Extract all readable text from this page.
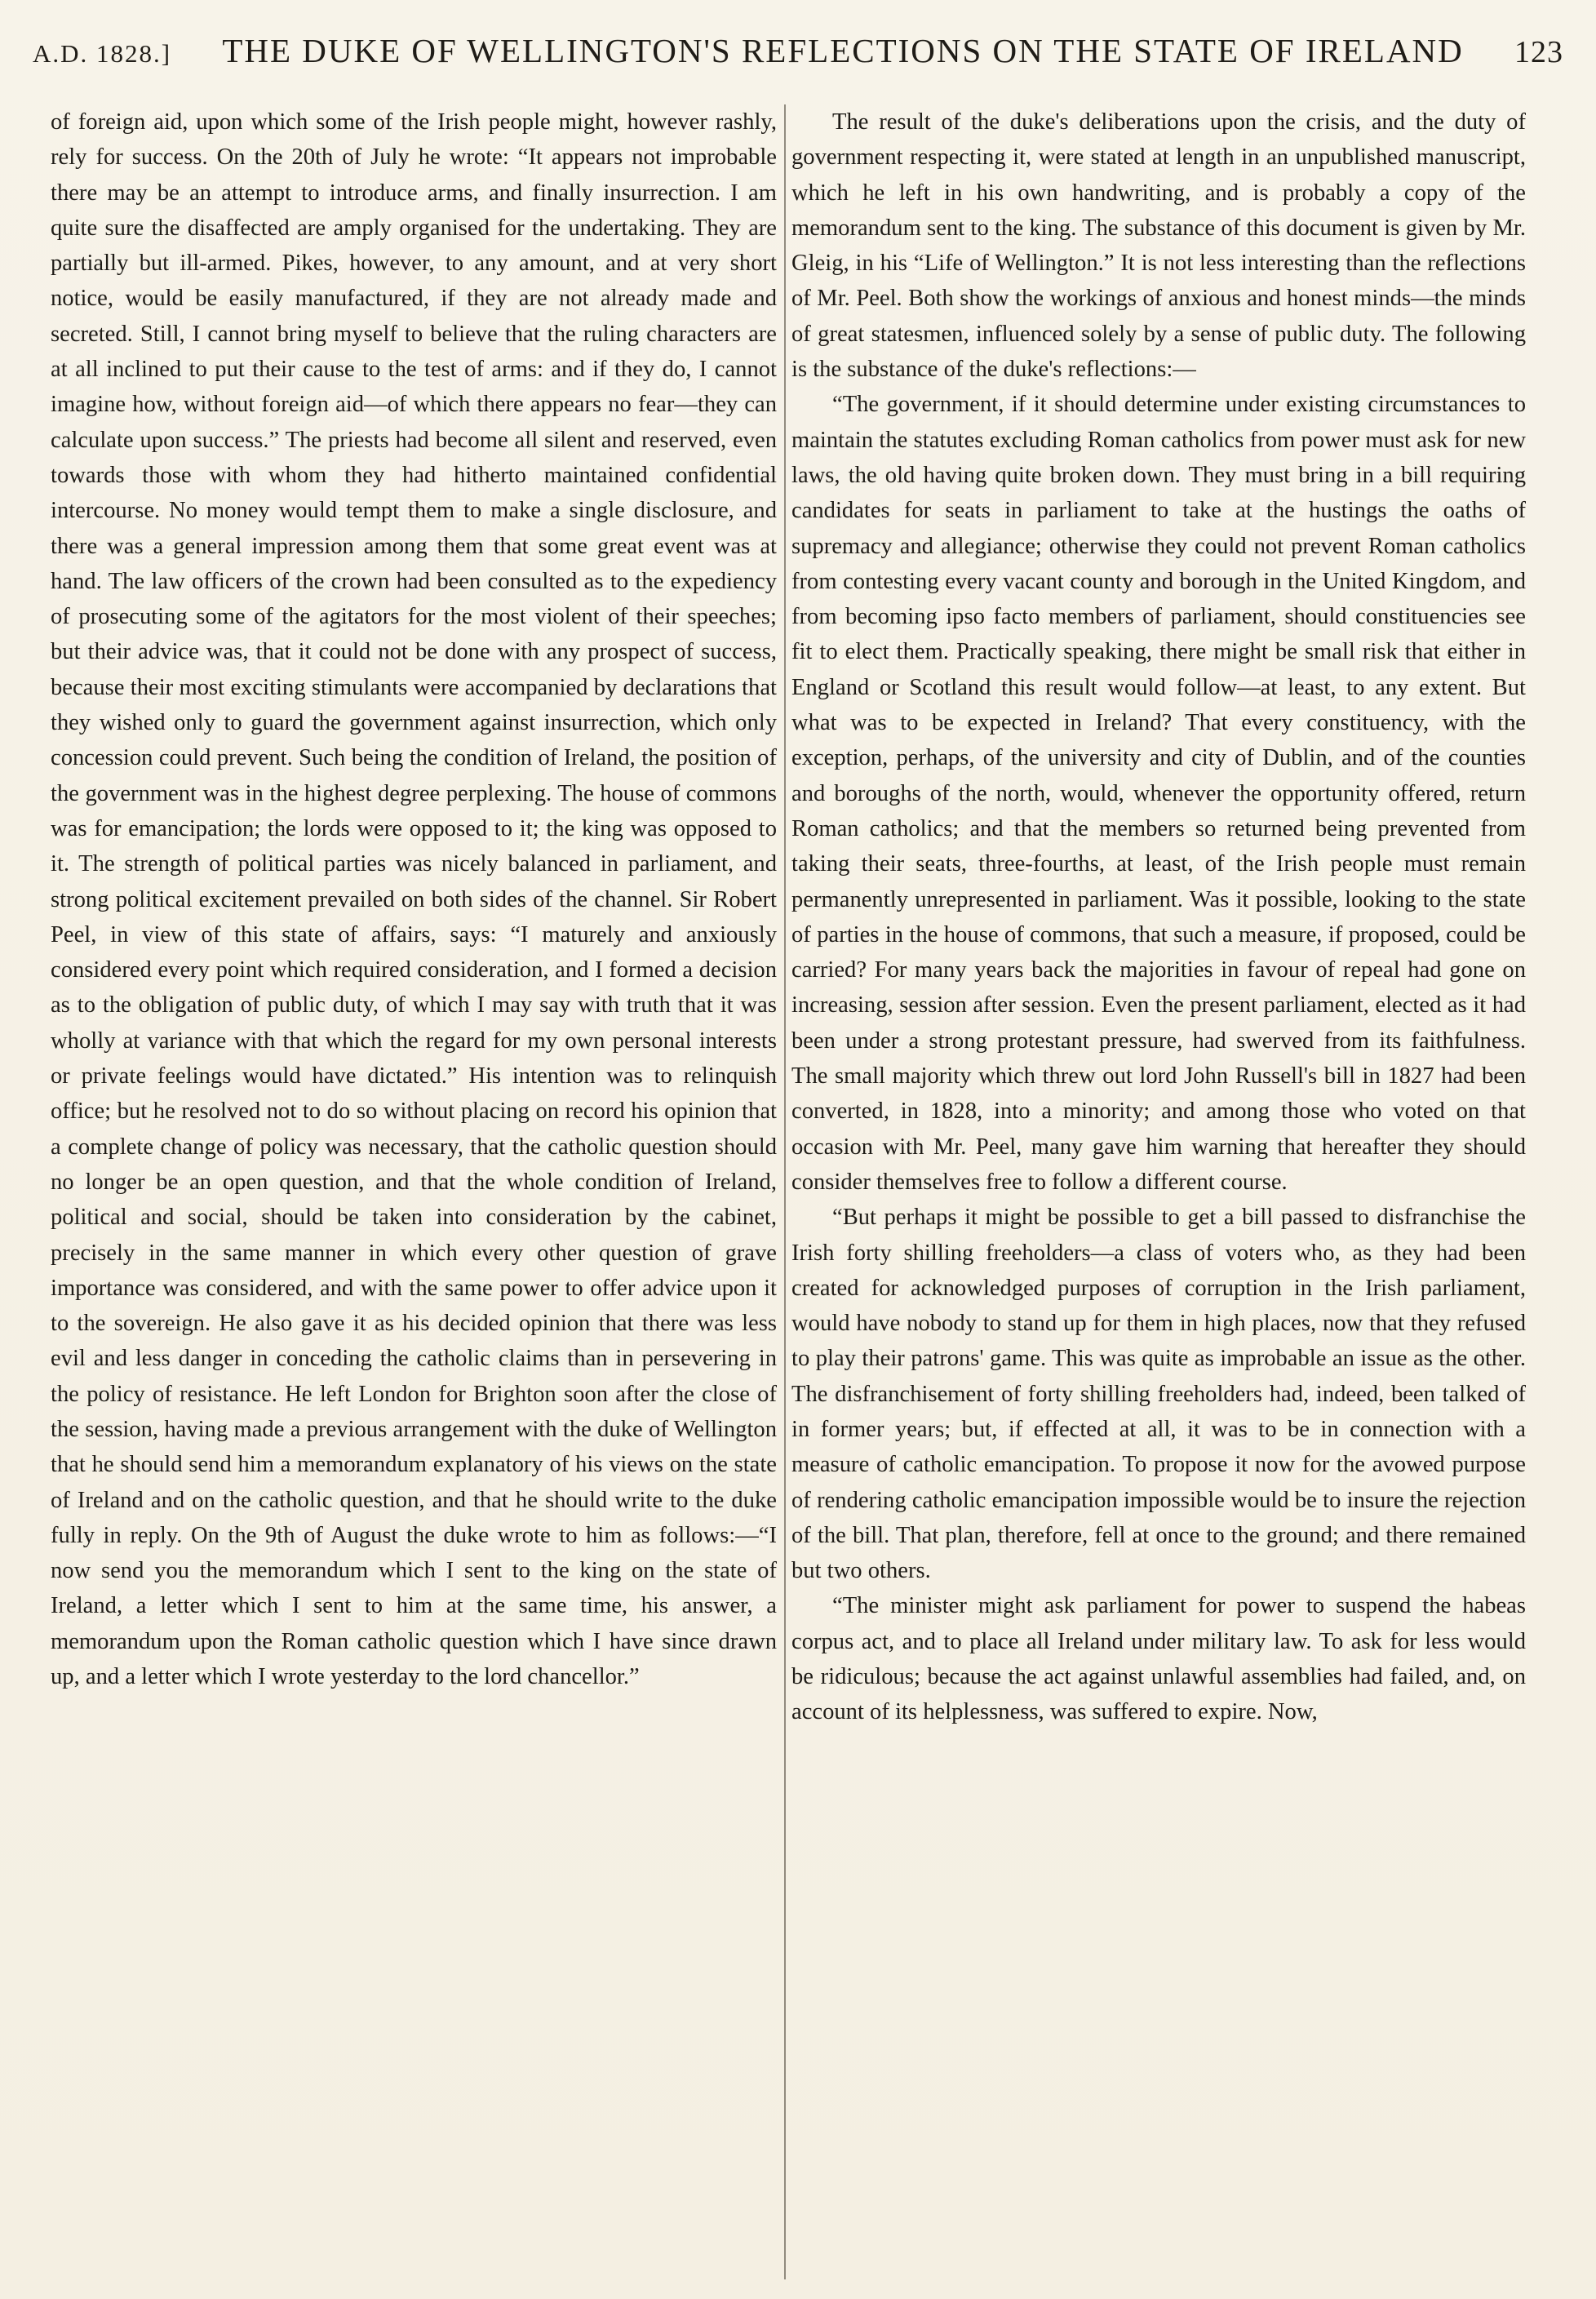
A.D. 1828.]	THE DUKE OF WELLINGTON'S REFLECTIONS ON THE STATE OF IRELAND	123

of foreign aid, upon which some of the Irish people might, however rashly, rely for success. On the 20th of July he wrote: “It appears not improbable there may be an attempt to introduce arms, and finally insurrection. I am quite sure the disaffected are amply organised for the undertaking. They are partially but ill-armed. Pikes, however, to any amount, and at very short notice, would be easily manufactured, if they are not already made and secreted. Still, I cannot bring myself to believe that the ruling characters are at all inclined to put their cause to the test of arms: and if they do, I cannot imagine how, without foreign aid—of which there appears no fear—they can calculate upon success.” The priests had become all silent and reserved, even towards those with whom they had hitherto maintained confidential intercourse. No money would tempt them to make a single disclosure, and there was a general impression among them that some great event was at hand. The law officers of the crown had been consulted as to the expediency of prosecuting some of the agitators for the most violent of their speeches; but their advice was, that it could not be done with any prospect of success, because their most exciting stimulants were accompanied by declarations that they wished only to guard the government against insurrection, which only concession could prevent. Such being the condition of Ireland, the position of the government was in the highest degree perplexing. The house of commons was for emancipation; the lords were opposed to it; the king was opposed to it. The strength of political parties was nicely balanced in parliament, and strong political excitement prevailed on both sides of the channel. Sir Robert Peel, in view of this state of affairs, says: “I maturely and anxiously considered every point which required consideration, and I formed a decision as to the obligation of public duty, of which I may say with truth that it was wholly at variance with that which the regard for my own personal interests or private feelings would have dictated.” His intention was to relinquish office; but he resolved not to do so without placing on record his opinion that a complete change of policy was necessary, that the catholic question should no longer be an open question, and that the whole condition of Ireland, political and social, should be taken into consideration by the cabinet, precisely in the same manner in which every other question of grave importance was considered, and with the same power to offer advice upon it to the sovereign. He also gave it as his decided opinion that there was less evil and less danger in conceding the catholic claims than in persevering in the policy of resistance. He left London for Brighton soon after the close of the session, having made a previous arrangement with the duke of Wellington that he should send him a memorandum explanatory of his views on the state of Ireland and on the catholic question, and that he should write to the duke fully in reply. On the 9th of August the duke wrote to him as follows:—“I now send you the memorandum which I sent to the king on the state of Ireland, a letter which I sent to him at the same time, his answer, a memorandum upon the Roman catholic question which I have since drawn up, and a letter which I wrote yesterday to the lord chancellor.”

The result of the duke's deliberations upon the crisis, and the duty of government respecting it, were stated at length in an unpublished manuscript, which he left in his own handwriting, and is probably a copy of the memorandum sent to the king. The substance of this document is given by Mr. Gleig, in his “Life of Wellington.” It is not less interesting than the reflections of Mr. Peel. Both show the workings of anxious and honest minds—the minds of great statesmen, influenced solely by a sense of public duty. The following is the substance of the duke's reflections:—

“The government, if it should determine under existing circumstances to maintain the statutes excluding Roman catholics from power must ask for new laws, the old having quite broken down. They must bring in a bill requiring candidates for seats in parliament to take at the hustings the oaths of supremacy and allegiance; otherwise they could not prevent Roman catholics from contesting every vacant county and borough in the United Kingdom, and from becoming ipso facto members of parliament, should constituencies see fit to elect them. Practically speaking, there might be small risk that either in England or Scotland this result would follow—at least, to any extent. But what was to be expected in Ireland? That every constituency, with the exception, perhaps, of the university and city of Dublin, and of the counties and boroughs of the north, would, whenever the opportunity offered, return Roman catholics; and that the members so returned being prevented from taking their seats, three-fourths, at least, of the Irish people must remain permanently unrepresented in parliament. Was it possible, looking to the state of parties in the house of commons, that such a measure, if proposed, could be carried? For many years back the majorities in favour of repeal had gone on increasing, session after session. Even the present parliament, elected as it had been under a strong protestant pressure, had swerved from its faithfulness. The small majority which threw out lord John Russell's bill in 1827 had been converted, in 1828, into a minority; and among those who voted on that occasion with Mr. Peel, many gave him warning that hereafter they should consider themselves free to follow a different course.

“But perhaps it might be possible to get a bill passed to disfranchise the Irish forty shilling freeholders—a class of voters who, as they had been created for acknowledged purposes of corruption in the Irish parliament, would have nobody to stand up for them in high places, now that they refused to play their patrons' game. This was quite as improbable an issue as the other. The disfranchisement of forty shilling freeholders had, indeed, been talked of in former years; but, if effected at all, it was to be in connection with a measure of catholic emancipation. To propose it now for the avowed purpose of rendering catholic emancipation impossible would be to insure the rejection of the bill. That plan, therefore, fell at once to the ground; and there remained but two others.

“The minister might ask parliament for power to suspend the habeas corpus act, and to place all Ireland under military law. To ask for less would be ridiculous; because the act against unlawful assemblies had failed, and, on account of its helplessness, was suffered to expire. Now,
